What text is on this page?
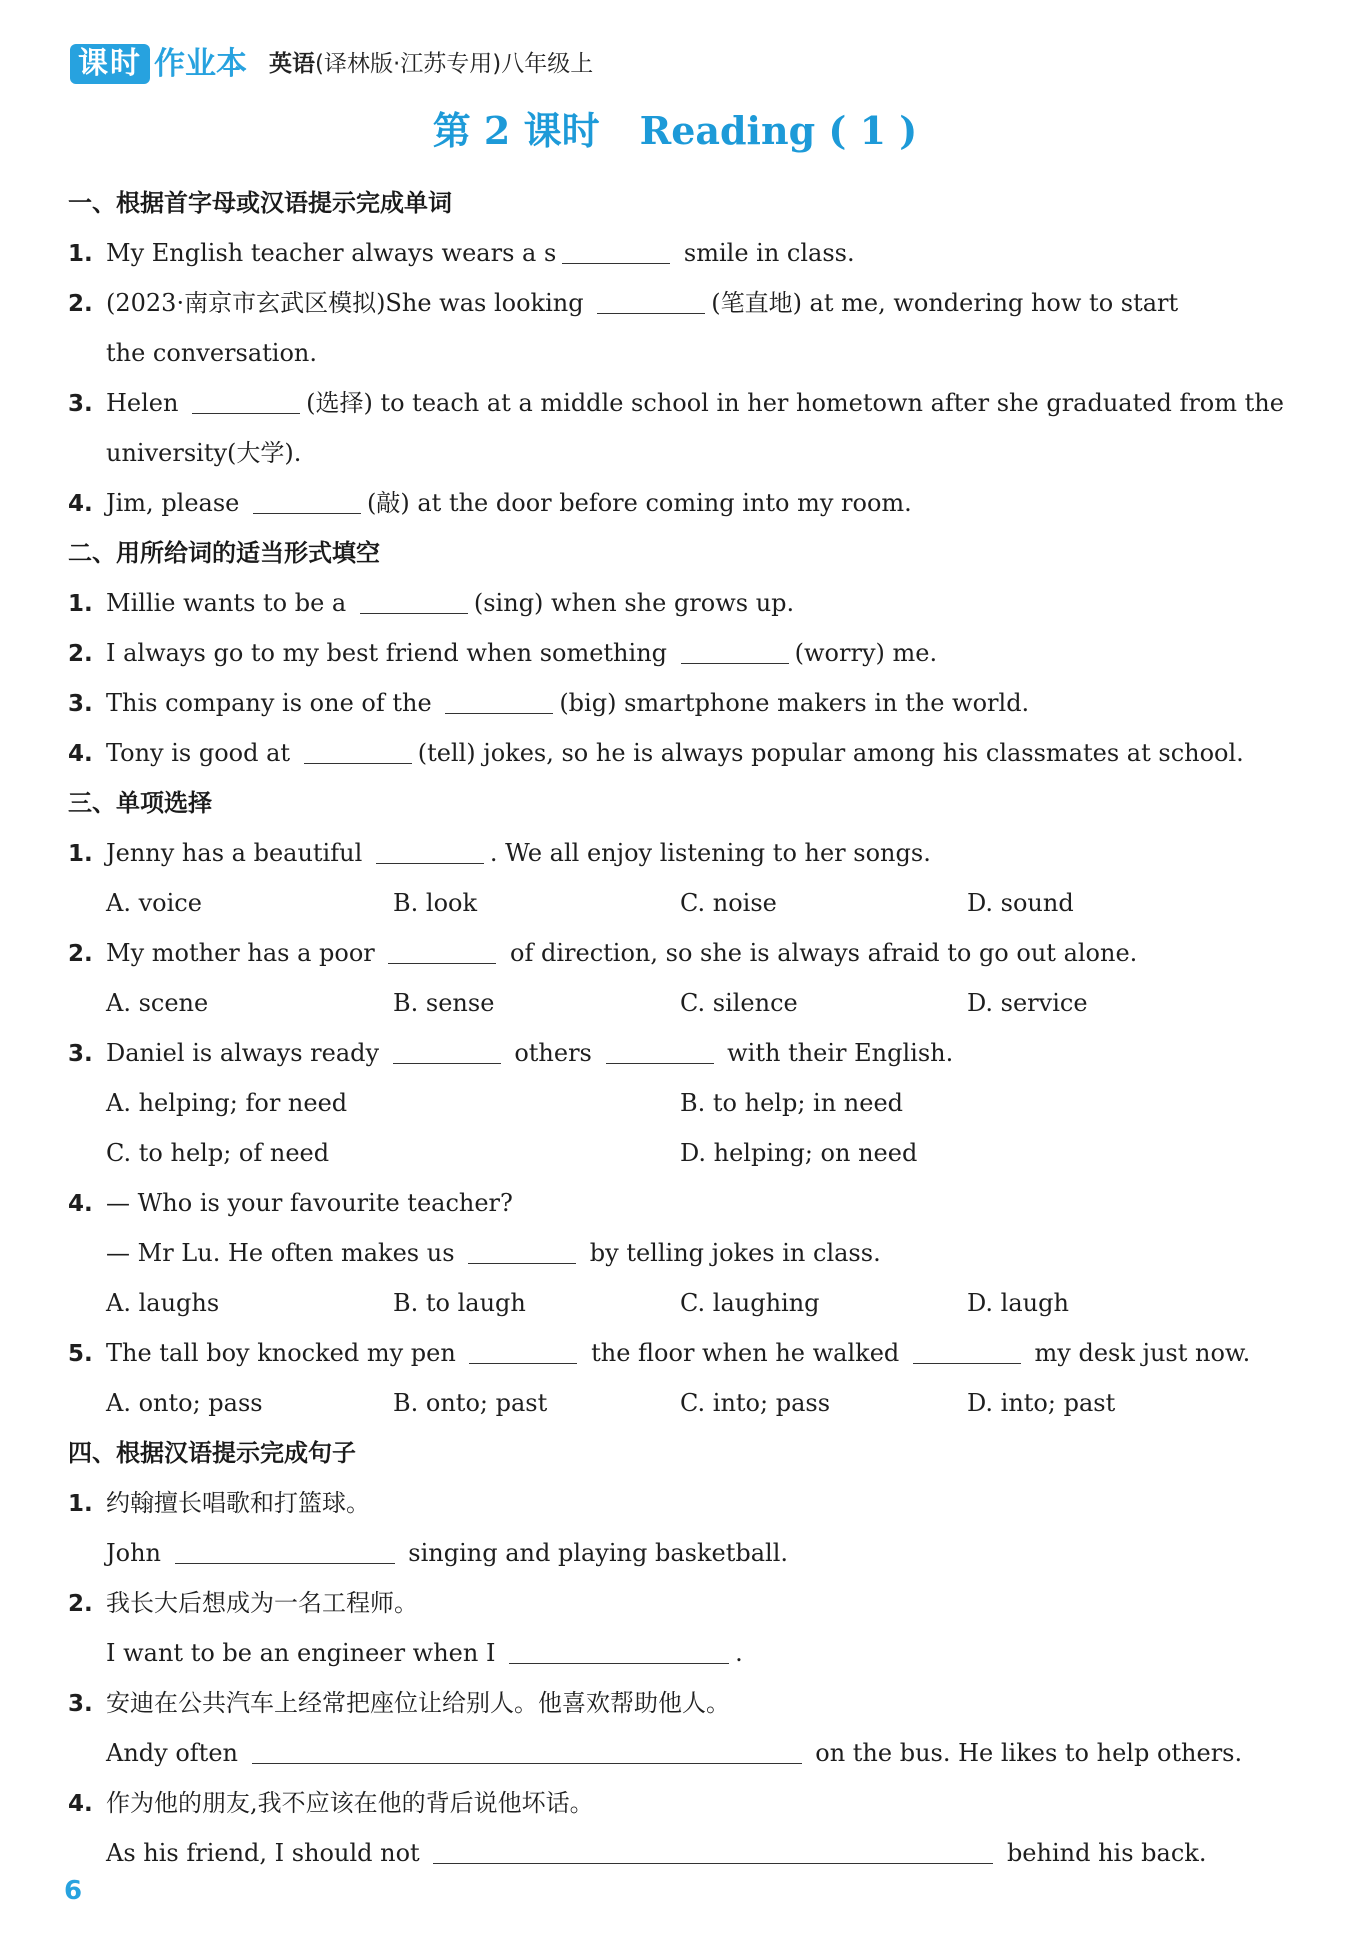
课时 作业本 英语(译林版·江苏专用)八年级上
第 2 课时 Reading ( 1 )
一、根据首字母或汉语提示完成单词
1. My English teacher always wears a s	smile in class.
2. (2023·南京市玄武区模拟)She was looking	(笔直地) at me, wondering how to start
the conversation.
3. Helen	(选择) to teach at a middle school in her hometown after she graduated from the
university(大学).
4. Jim, please	(敲) at the door before coming into my room.
二、用所给词的适当形式填空
1. Millie wants to be a	(sing) when she grows up.
2. I always go to my best friend when something	(worry) me.
3. This company is one of the	(big) smartphone makers in the world.
4. Tony is good at	(tell) jokes, so he is always popular among his classmates at school.
三、单项选择
1. Jenny has a beautiful	. We all enjoy listening to her songs.
A. voice	B. look	C. noise	D. sound
2. My mother has a poor	of direction, so she is always afraid to go out alone.
A. scene	B. sense	C. silence	D. service
3. Daniel is always ready	others	with their English.
A. helping; for need	B. to help; in need
C. to help; of need	D. helping; on need
4. — Who is your favourite teacher?
— Mr Lu. He often makes us	by telling jokes in class.
A. laughs	B. to laugh	C. laughing	D. laugh
5. The tall boy knocked my pen	the floor when he walked	my desk just now.
A. onto; pass	B. onto; past	C. into; pass	D. into; past
四、根据汉语提示完成句子
1. 约翰擅长唱歌和打篮球。
John	singing and playing basketball.
2. 我长大后想成为一名工程师。
I want to be an engineer when I	.
3. 安迪在公共汽车上经常把座位让给别人。他喜欢帮助他人。
Andy often	on the bus. He likes to help others.
4. 作为他的朋友,我不应该在他的背后说他坏话。
As his friend, I should not	behind his back.
6
